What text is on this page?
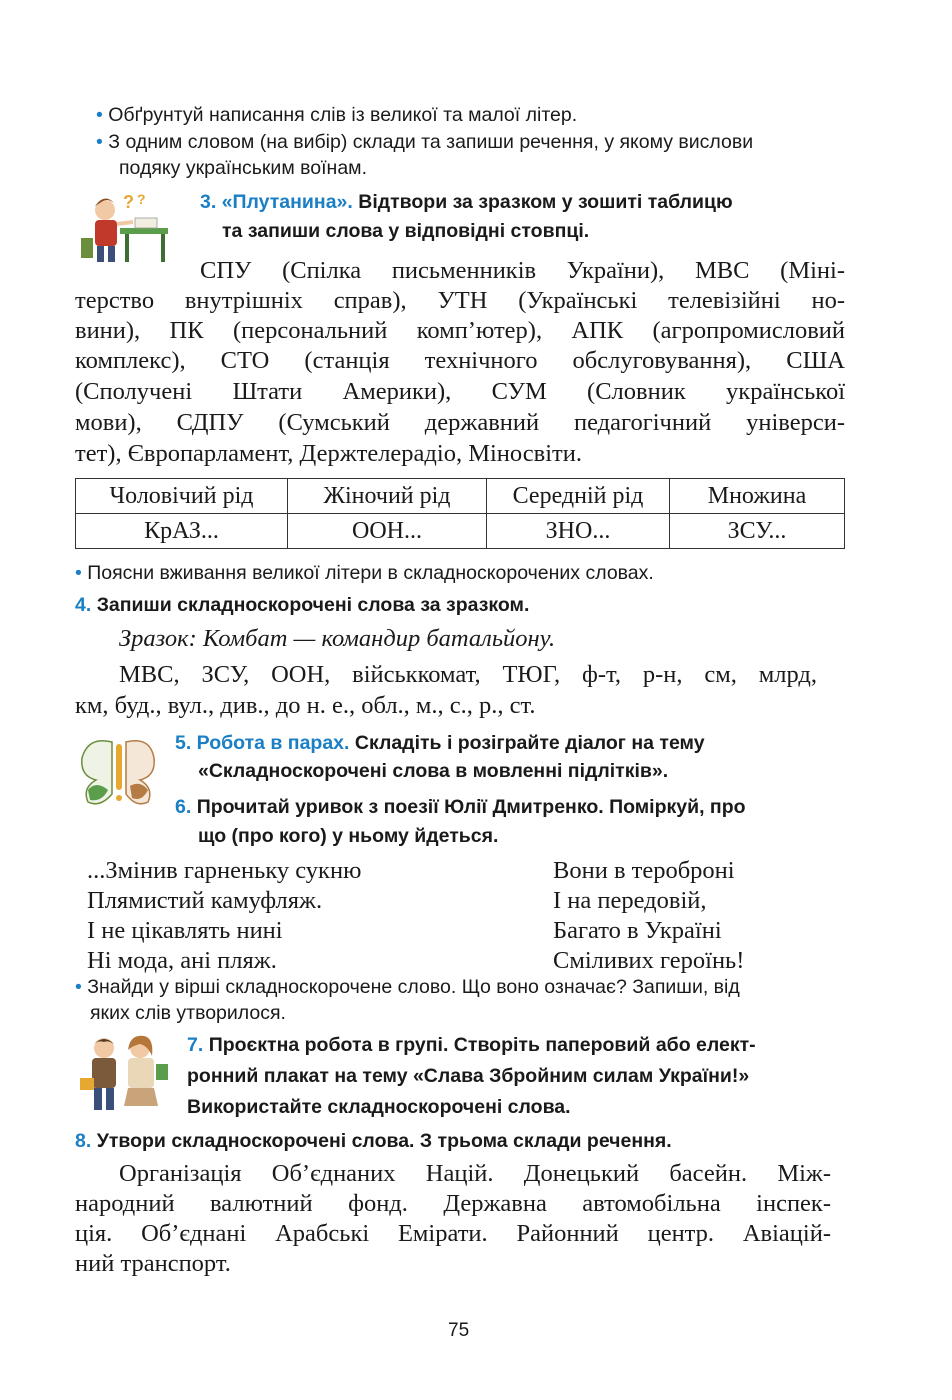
• Обґрунтуй написання слів із великої та малої літер.
• З одним словом (на вибір) склади та запиши речення, у якому вислови
подяку українським воїнам.
? ?	3. «Плутанина». Відтвори за зразком у зошиті таблицю
та запиши слова у відповідні стовпці.
СПУ (Спілка письменників України), МВС (Міні-
терство внутрішніх справ), УТН (Українські телевізійні но-
вини), ПК (персональний комп’ютер), АПК (агропромисловий
комплекс), СТО (станція технічного обслуговування), США
(Сполучені Штати Америки), СУМ (Словник української
мови), СДПУ (Сумський державний педагогічний універси-
тет), Європарламент, Держтелерадіо, Міносвіти.
Чоловічий рід	Жіночий рід	Середній рід	Множина
КрАЗ...	ООН...	ЗНО...	ЗСУ...
• Поясни вживання великої літери в складноскорочених словах.
4. Запиши складноскорочені слова за зразком.
Зразок: Комбат — командир батальйону.
МВС, ЗСУ, ООН, військкомат, ТЮГ, ф-т, р-н, см, млрд,
км, буд., вул., див., до н. е., обл., м., с., р., ст.
5. Робота в парах. Складіть і розіграйте діалог на тему
«Складноскорочені слова в мовленні підлітків».
6. Прочитай уривок з поезії Юлії Дмитренко. Поміркуй, про
що (про кого) у ньому йдеться.
...Змінив гарненьку сукню
Плямистий камуфляж.
І не цікавлять нині
Ні мода, ані пляж.
Вони в тероброні
І на передовій,
Багато в Україні
Сміливих героїнь!
• Знайди у вірші складноскорочене слово. Що воно означає? Запиши, від
яких слів утворилося.
7. Проєктна робота в групі. Створіть паперовий або елект-
ронний плакат на тему «Слава Збройним силам України!»
Використайте складноскорочені слова.
8. Утвори складноскорочені слова. З трьома склади речення.
Організація Об’єднаних Націй. Донецький басейн. Між-
народний валютний фонд. Державна автомобільна інспек-
ція. Об’єднані Арабські Емірати. Районний центр. Авіацій-
ний транспорт.
75
